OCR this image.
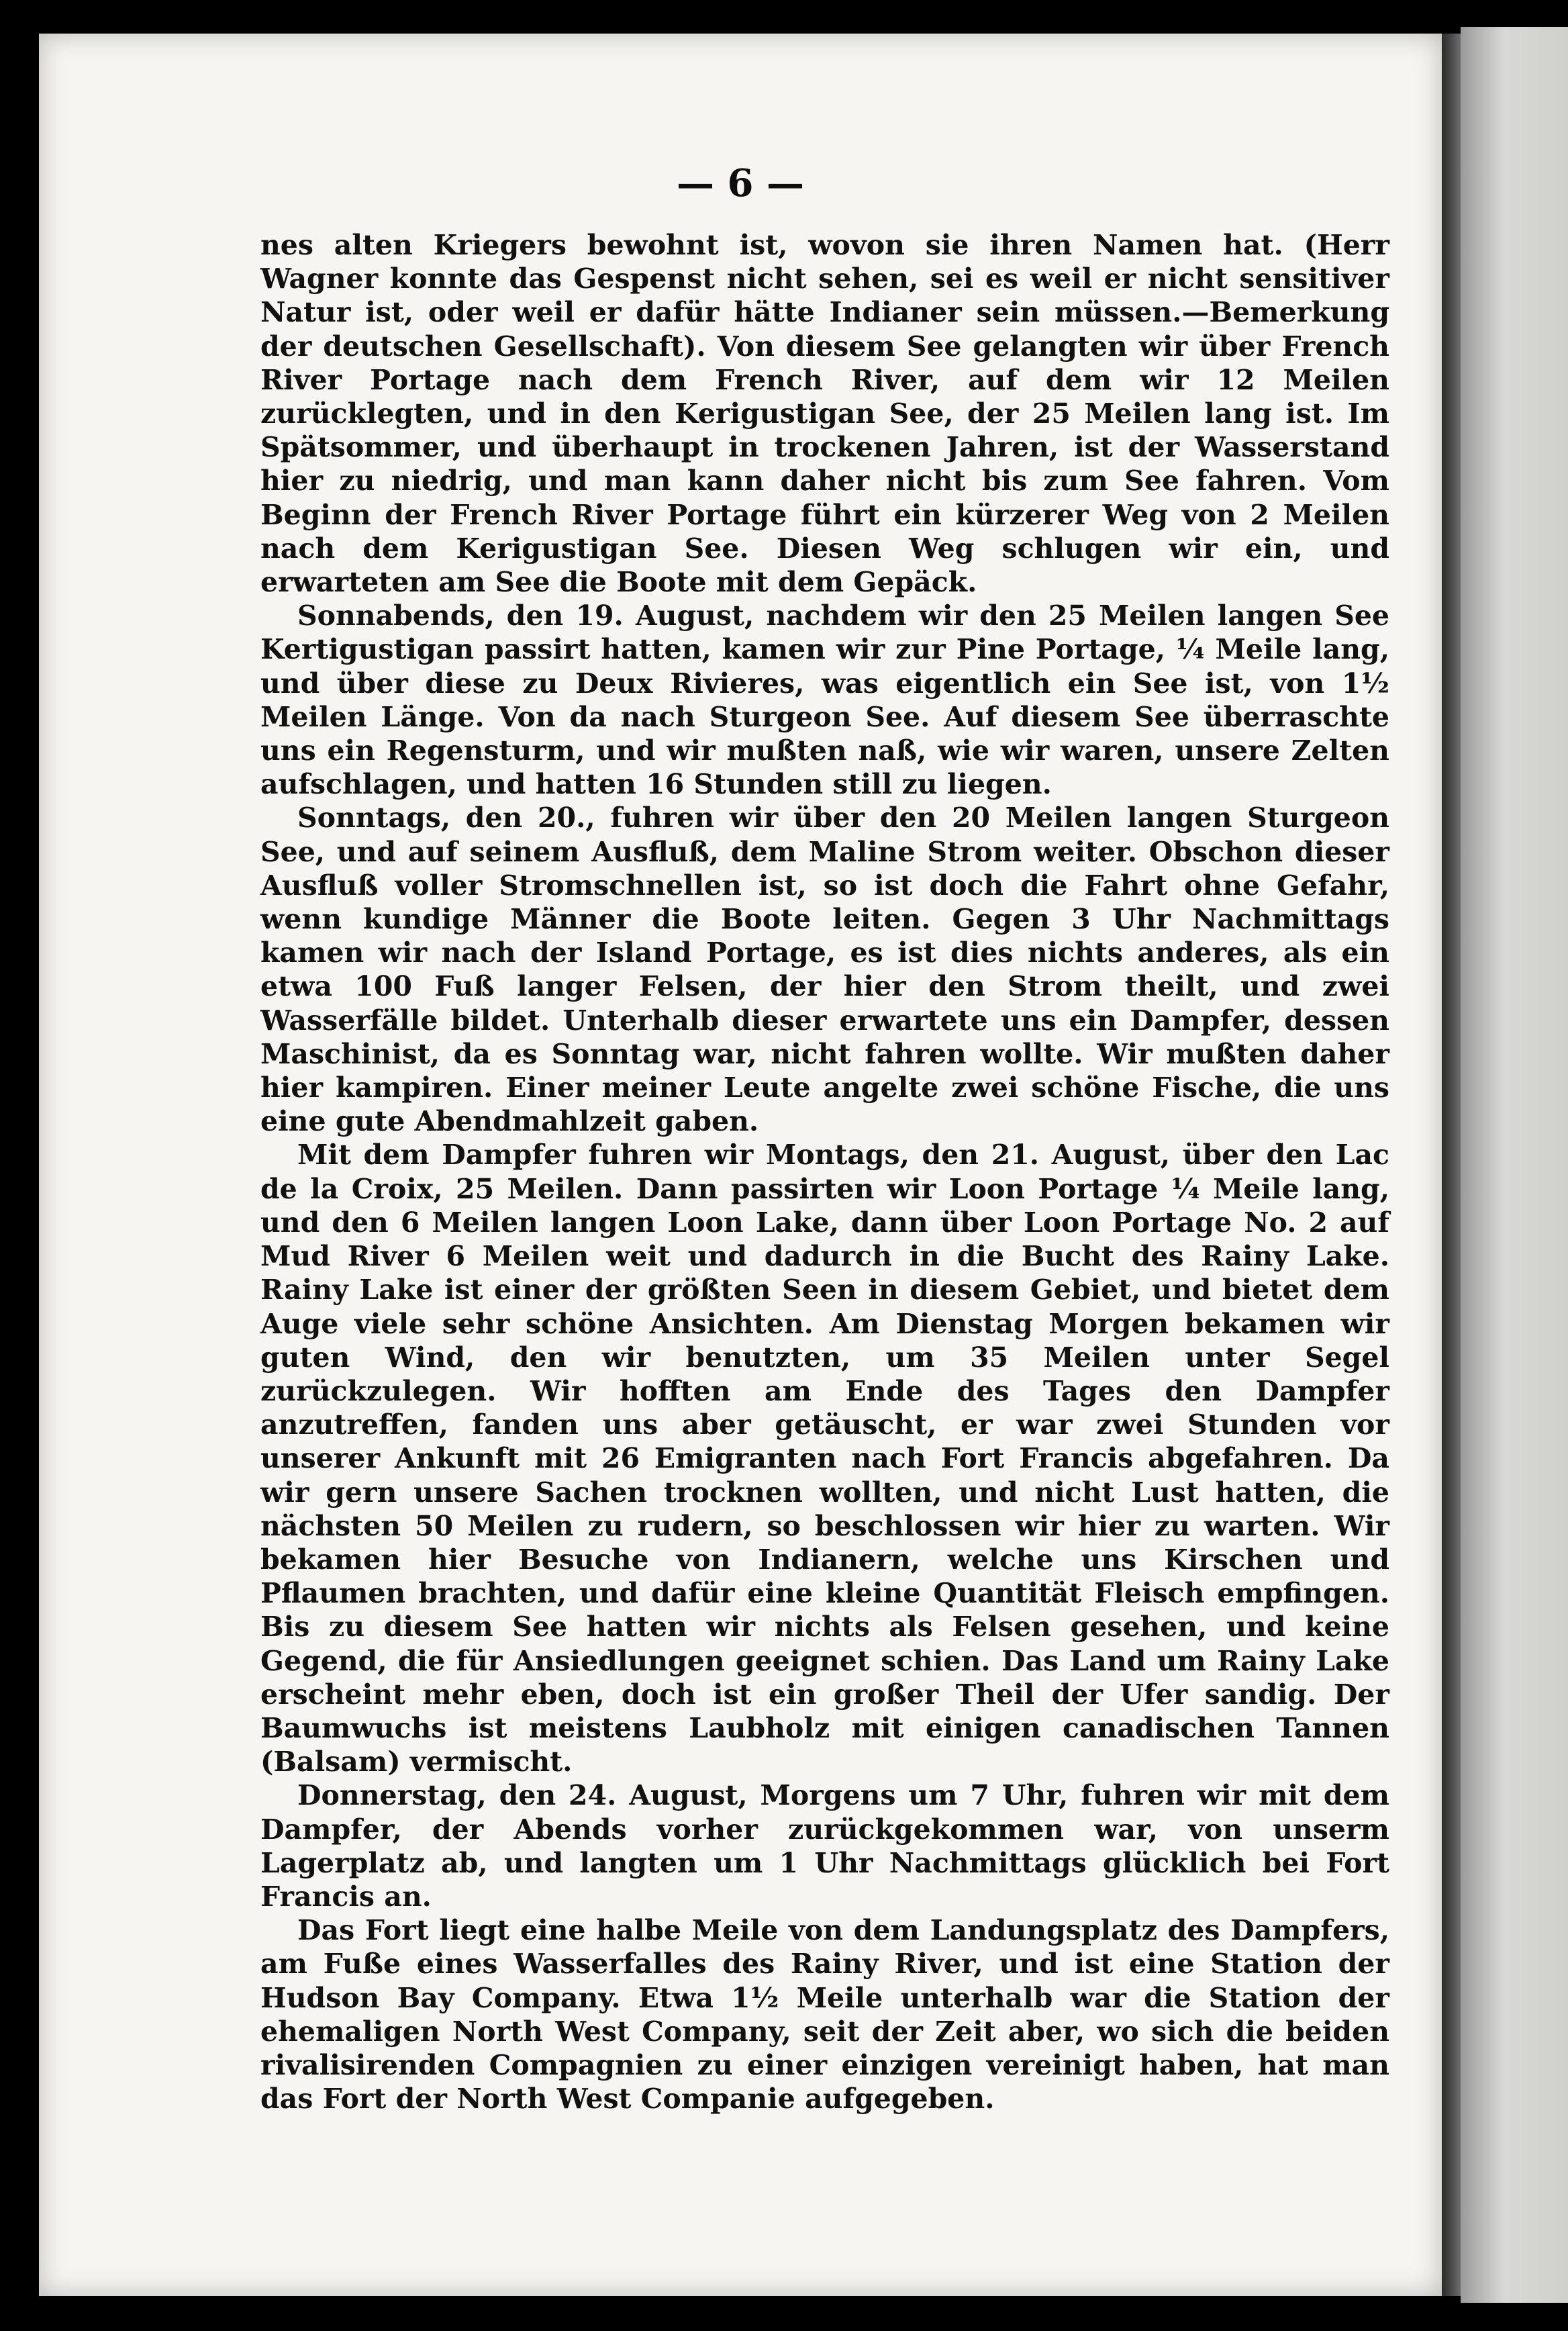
— 6 —

nes alten Kriegers bewohnt ist, wovon sie ihren Namen hat. (Herr Wagner konnte das Gespenst nicht sehen, sei es weil er nicht sensitiver Natur ist, oder weil er dafür hätte Indianer sein müssen.—Bemerkung der deutschen Gesellschaft). Von diesem See gelangten wir über French River Portage nach dem French River, auf dem wir 12 Meilen zurücklegten, und in den Kerigustigan See, der 25 Meilen lang ist. Im Spätsommer, und überhaupt in trockenen Jahren, ist der Wasserstand hier zu niedrig, und man kann daher nicht bis zum See fahren. Vom Beginn der French River Portage führt ein kürzerer Weg von 2 Meilen nach dem Kerigustigan See. Diesen Weg schlugen wir ein, und erwarteten am See die Boote mit dem Gepäck.

Sonnabends, den 19. August, nachdem wir den 25 Meilen langen See Kertigustigan passirt hatten, kamen wir zur Pine Portage, ¼ Meile lang, und über diese zu Deux Rivieres, was eigentlich ein See ist, von 1½ Meilen Länge. Von da nach Sturgeon See. Auf diesem See überraschte uns ein Regensturm, und wir mußten naß, wie wir waren, unsere Zelten aufschlagen, und hatten 16 Stunden still zu liegen.

Sonntags, den 20., fuhren wir über den 20 Meilen langen Sturgeon See, und auf seinem Ausfluß, dem Maline Strom weiter. Obschon dieser Ausfluß voller Stromschnellen ist, so ist doch die Fahrt ohne Gefahr, wenn kundige Männer die Boote leiten. Gegen 3 Uhr Nachmittags kamen wir nach der Island Portage, es ist dies nichts anderes, als ein etwa 100 Fuß langer Felsen, der hier den Strom theilt, und zwei Wasserfälle bildet. Unterhalb dieser erwartete uns ein Dampfer, dessen Maschinist, da es Sonntag war, nicht fahren wollte. Wir mußten daher hier kampiren. Einer meiner Leute angelte zwei schöne Fische, die uns eine gute Abendmahlzeit gaben.

Mit dem Dampfer fuhren wir Montags, den 21. August, über den Lac de la Croix, 25 Meilen. Dann passirten wir Loon Portage ¼ Meile lang, und den 6 Meilen langen Loon Lake, dann über Loon Portage No. 2 auf Mud River 6 Meilen weit und dadurch in die Bucht des Rainy Lake. Rainy Lake ist einer der größten Seen in diesem Gebiet, und bietet dem Auge viele sehr schöne Ansichten. Am Dienstag Morgen bekamen wir guten Wind, den wir benutzten, um 35 Meilen unter Segel zurückzulegen. Wir hofften am Ende des Tages den Dampfer anzutreffen, fanden uns aber getäuscht, er war zwei Stunden vor unserer Ankunft mit 26 Emigranten nach Fort Francis abgefahren. Da wir gern unsere Sachen trocknen wollten, und nicht Lust hatten, die nächsten 50 Meilen zu rudern, so beschlossen wir hier zu warten. Wir bekamen hier Besuche von Indianern, welche uns Kirschen und Pflaumen brachten, und dafür eine kleine Quantität Fleisch empfingen. Bis zu diesem See hatten wir nichts als Felsen gesehen, und keine Gegend, die für Ansiedlungen geeignet schien. Das Land um Rainy Lake erscheint mehr eben, doch ist ein großer Theil der Ufer sandig. Der Baumwuchs ist meistens Laubholz mit einigen canadischen Tannen (Balsam) vermischt.

Donnerstag, den 24. August, Morgens um 7 Uhr, fuhren wir mit dem Dampfer, der Abends vorher zurückgekommen war, von unserm Lagerplatz ab, und langten um 1 Uhr Nachmittags glücklich bei Fort Francis an.

Das Fort liegt eine halbe Meile von dem Landungsplatz des Dampfers, am Fuße eines Wasserfalles des Rainy River, und ist eine Station der Hudson Bay Company. Etwa 1½ Meile unterhalb war die Station der ehemaligen North West Company, seit der Zeit aber, wo sich die beiden rivalisirenden Compagnien zu einer einzigen vereinigt haben, hat man das Fort der North West Companie aufgegeben.
